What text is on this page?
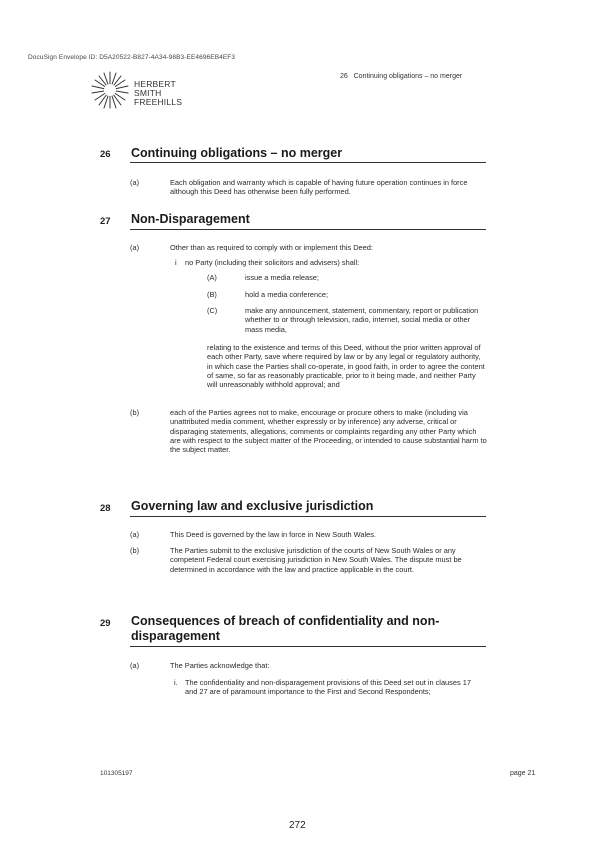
DocuSign Envelope ID: D5A20522-B827-4A34-98B3-EE4696EB4EF3
HERBERT
SMITH
FREEHILLS
26   Continuing obligations – no merger
26 Continuing obligations – no merger
(a)	Each obligation and warranty which is capable of having future operation continues in force although this Deed has otherwise been fully performed.
27 Non-Disparagement
(a)	Other than as required to comply with or implement this Deed:
i no Party (including their solicitors and advisers) shall:
(A)	issue a media release;
(B)	hold a media conference;
(C)	make any announcement, statement, commentary, report or publication whether to or through television, radio, internet, social media or other mass media,
relating to the existence and terms of this Deed, without the prior written approval of each other Party, save where required by law or by any legal or regulatory authority, in which case the Parties shall co-operate, in good faith, in order to agree the content of same, so far as reasonably practicable, prior to it being made, and neither Party will unreasonably withhold approval; and
(b)	each of the Parties agrees not to make, encourage or procure others to make (including via unattributed media comment, whether expressly or by inference) any adverse, critical or disparaging statements, allegations, comments or complaints regarding any other Party which are with respect to the subject matter of the Proceeding, or intended to cause substantial harm to the subject matter.
28 Governing law and exclusive jurisdiction
(a)	This Deed is governed by the law in force in New South Wales.
(b)	The Parties submit to the exclusive jurisdiction of the courts of New South Wales or any competent Federal court exercising jurisdiction in New South Wales. The dispute must be determined in accordance with the law and practice applicable in the court.
29 Consequences of breach of confidentiality and non-
disparagement
(a)	The Parties acknowledge that:
i. The confidentiality and non-disparagement provisions of this Deed set out in clauses 17 and 27 are of paramount importance to the First and Second Respondents;
101305197	page 21
272
